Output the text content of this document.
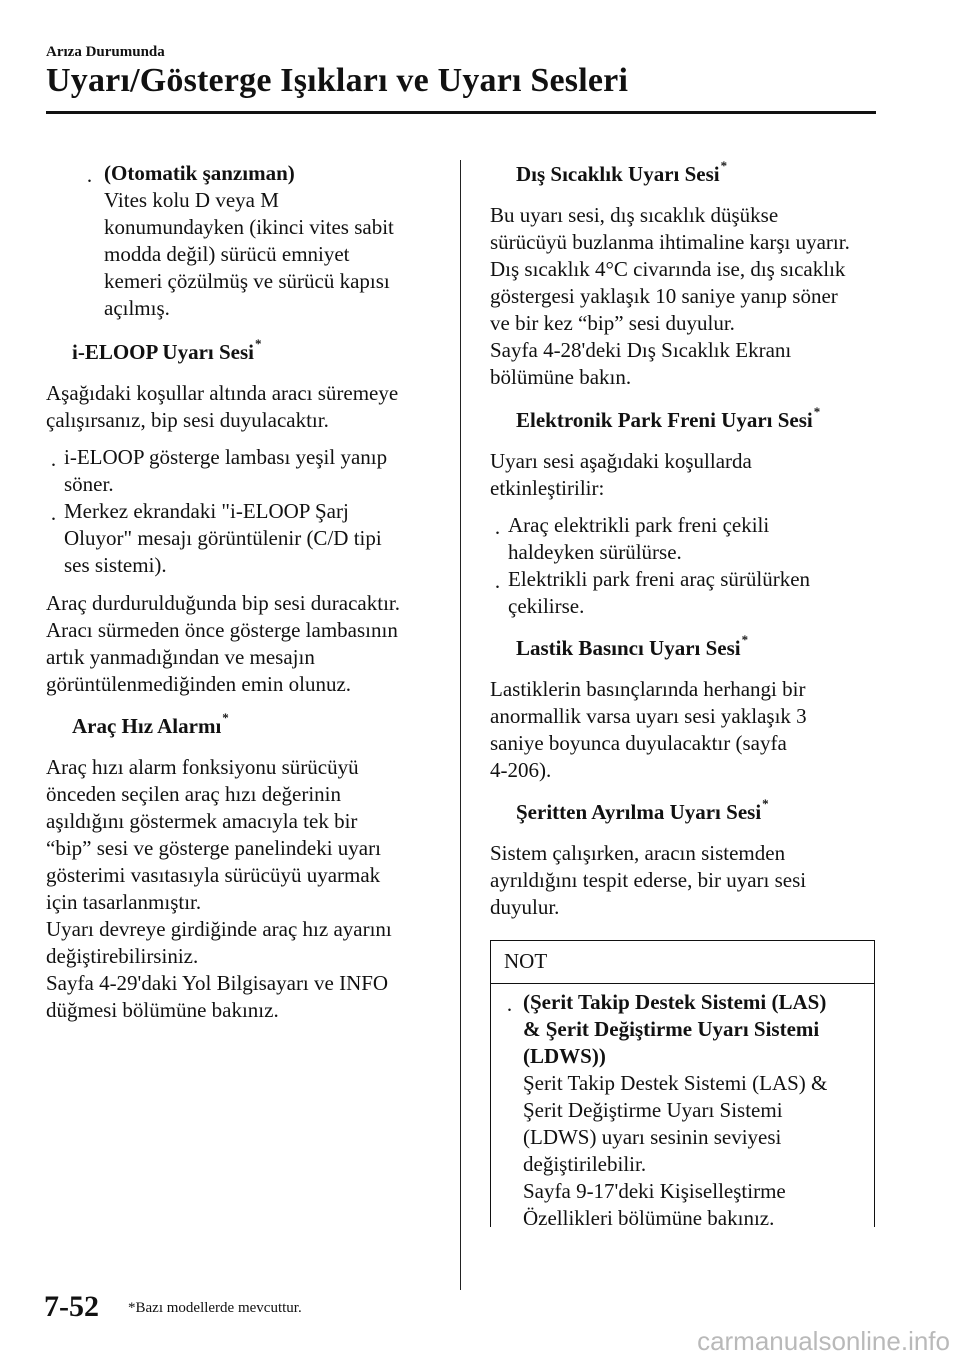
Arıza Durumunda
Uyarı/Gösterge Işıkları ve Uyarı Sesleri
· (Otomatik şanzıman)
Vites kolu D veya M
konumundayken (ikinci vites sabit
modda değil) sürücü emniyet
kemeri çözülmüş ve sürücü kapısı
açılmış.
i-ELOOP Uyarı Sesi*
Aşağıdaki koşullar altında aracı süremeye
çalışırsanız, bip sesi duyulacaktır.
· i-ELOOP gösterge lambası yeşil yanıp
söner.
· Merkez ekrandaki "i-ELOOP Şarj
Oluyor" mesajı görüntülenir (C/D tipi
ses sistemi).
Araç durdurulduğunda bip sesi duracaktır.
Aracı sürmeden önce gösterge lambasının
artık yanmadığından ve mesajın
görüntülenmediğinden emin olunuz.
Araç Hız Alarmı*
Araç hızı alarm fonksiyonu sürücüyü
önceden seçilen araç hızı değerinin
aşıldığını göstermek amacıyla tek bir
“bip” sesi ve gösterge panelindeki uyarı
gösterimi vasıtasıyla sürücüyü uyarmak
için tasarlanmıştır.
Uyarı devreye girdiğinde araç hız ayarını
değiştirebilirsiniz.
Sayfa 4-29'daki Yol Bilgisayarı ve INFO
düğmesi bölümüne bakınız.
Dış Sıcaklık Uyarı Sesi*
Bu uyarı sesi, dış sıcaklık düşükse
sürücüyü buzlanma ihtimaline karşı uyarır.
Dış sıcaklık 4°C civarında ise, dış sıcaklık
göstergesi yaklaşık 10 saniye yanıp söner
ve bir kez “bip” sesi duyulur.
Sayfa 4-28'deki Dış Sıcaklık Ekranı
bölümüne bakın.
Elektronik Park Freni Uyarı Sesi*
Uyarı sesi aşağıdaki koşullarda
etkinleştirilir:
· Araç elektrikli park freni çekili
haldeyken sürülürse.
· Elektrikli park freni araç sürülürken
çekilirse.
Lastik Basıncı Uyarı Sesi*
Lastiklerin basınçlarında herhangi bir
anormallik varsa uyarı sesi yaklaşık 3
saniye boyunca duyulacaktır (sayfa
4-206).
Şeritten Ayrılma Uyarı Sesi*
Sistem çalışırken, aracın sistemden
ayrıldığını tespit ederse, bir uyarı sesi
duyulur.
NOT
· (Şerit Takip Destek Sistemi (LAS)
& Şerit Değiştirme Uyarı Sistemi
(LDWS))
Şerit Takip Destek Sistemi (LAS) &
Şerit Değiştirme Uyarı Sistemi
(LDWS) uyarı sesinin seviyesi
değiştirilebilir.
Sayfa 9-17'deki Kişiselleştirme
Özellikleri bölümüne bakınız.
7-52 *Bazı modellerde mevcuttur.
carmanualsonline.info
